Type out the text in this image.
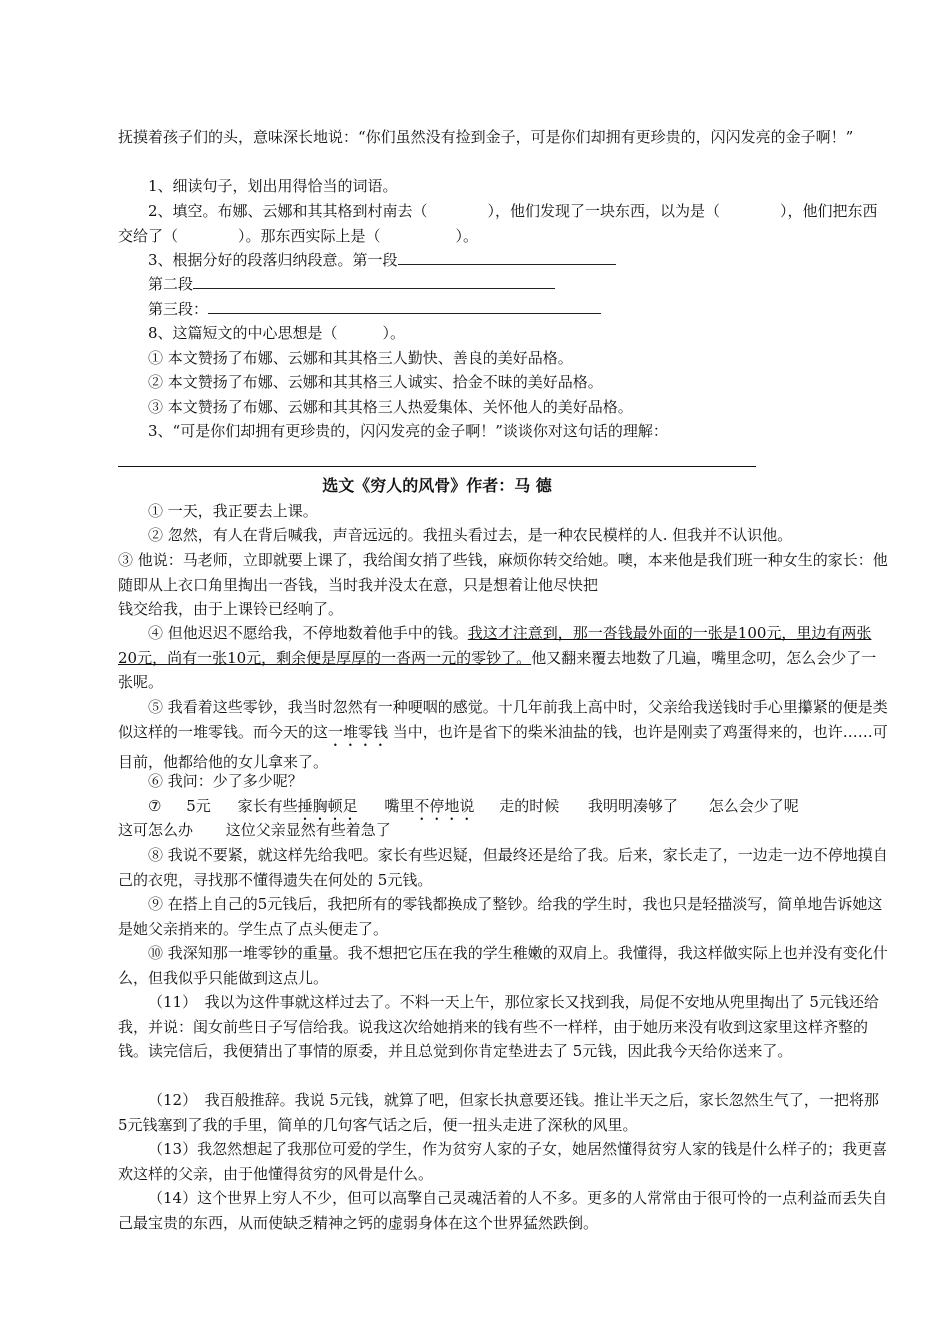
抚摸着孩子们的头，意味深长地说：“你们虽然没有捡到金子，可是你们却拥有更珍贵的，闪闪发亮的金子啊！”

1、细读句子，划出用得恰当的词语。

2、填空。布娜、云娜和其其格到村南去（　　　　），他们发现了一块东西，以为是（　　　　），他们把东西交给了（　　　　）。那东西实际上是（　　　　　）。

3、根据分好的段落归纳段意。第一段

第二段

第三段：

8、这篇短文的中心思想是（　　　）。

① 本文赞扬了布娜、云娜和其其格三人勤快、善良的美好品格。

② 本文赞扬了布娜、云娜和其其格三人诚实、拾金不昧的美好品格。

③ 本文赞扬了布娜、云娜和其其格三人热爱集体、关怀他人的美好品格。

3、“可是你们却拥有更珍贵的，闪闪发亮的金子啊！”谈谈你对这句话的理解：

选文《穷人的风骨》作者：马 德

① 一天，我正要去上课。

② 忽然，有人在背后喊我，声音远远的。我扭头看过去，是一种农民模样的人. 但我并不认识他。

③ 他说：马老师，立即就要上课了，我给闺女捎了些钱，麻烦你转交给她。噢，本来他是我们班一种女生的家长：他随即从上衣口角里掏出一沓钱，当时我并没太在意，只是想着让他尽快把

钱交给我，由于上课铃已经响了。

④ 但他迟迟不愿给我，不停地数着他手中的钱。我这才注意到，那一沓钱最外面的一张是100元，里边有两张20元，尚有一张10元，剩余便是厚厚的一沓两一元的零钞了。他又翻来覆去地数了几遍，嘴里念叨，怎么会少了一张呢。

⑤ 我看着这些零钞，我当时忽然有一种哽咽的感觉。十几年前我上高中时，父亲给我送钱时手心里攥紧的便是类似这样的一堆零钱。而今天的这一堆零钱 当中，也许是省下的柴米油盐的钱，也许是刚卖了鸡蛋得来的，也许……可目前，他都给他的女儿拿来了。

⑥ 我问：少了多少呢？

⑦ 5元 家长有些捶胸顿足 嘴里不停地说 走的时候 我明明凑够了 怎么会少了呢

这可怎么办 这位父亲显然有些着急了

⑧ 我说不要紧，就这样先给我吧。家长有些迟疑，但最终还是给了我。后来，家长走了，一边走一边不停地摸自己的衣兜，寻找那不懂得遗失在何处的 5元钱。

⑨ 在搭上自己的5元钱后，我把所有的零钱都换成了整钞。给我的学生时，我也只是轻描淡写，简单地告诉她这是她父亲捎来的。学生点了点头便走了。

⑩ 我深知那一堆零钞的重量。我不想把它压在我的学生稚嫩的双肩上。我懂得，我这样做实际上也并没有变化什么，但我似乎只能做到这点儿。

（11）　我以为这件事就这样过去了。不料一天上午，那位家长又找到我，局促不安地从兜里掏出了 5元钱还给我，并说：闺女前些日子写信给我。说我这次给她捎来的钱有些不一样样，由于她历来没有收到这家里这样齐整的钱。读完信后，我便猜出了事情的原委，并且总觉到你肯定垫进去了 5元钱，因此我今天给你送来了。

（12）　我百般推辞。我说 5元钱，就算了吧，但家长执意要还钱。推让半天之后，家长忽然生气了，一把将那 5元钱塞到了我的手里，简单的几句客气话之后，便一扭头走进了深秋的风里。

（13）我忽然想起了我那位可爱的学生，作为贫穷人家的子女，她居然懂得贫穷人家的钱是什么样子的；我更喜欢这样的父亲，由于他懂得贫穷的风骨是什么。

（14）这个世界上穷人不少，但可以高擎自己灵魂活着的人不多。更多的人常常由于很可怜的一点利益而丢失自己最宝贵的东西，从而使缺乏精神之钙的虚弱身体在这个世界猛然跌倒。
